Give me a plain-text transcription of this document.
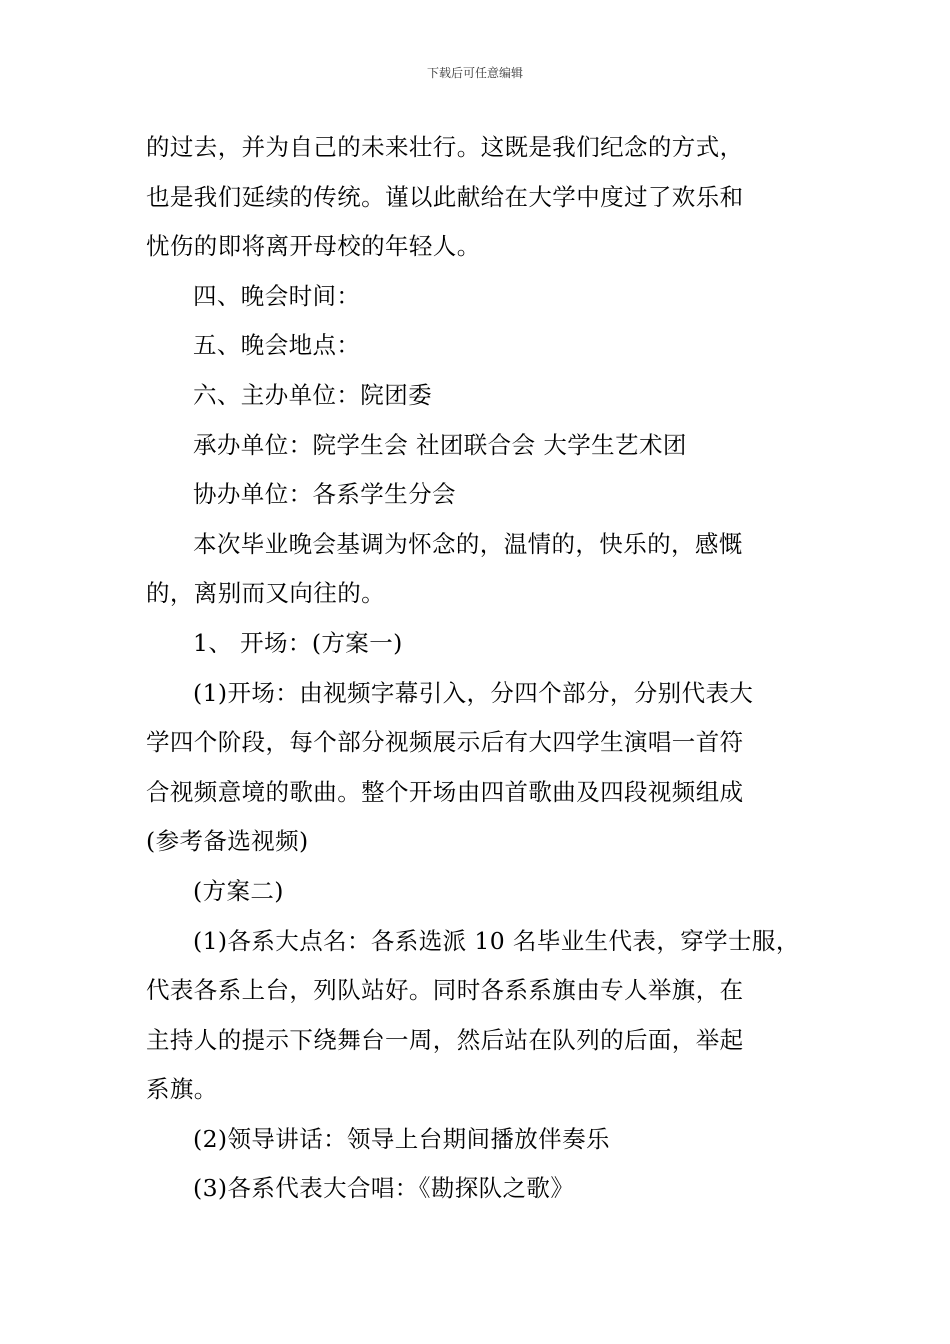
下载后可任意编辑

的过去，并为自己的未来壮行。这既是我们纪念的方式，
也是我们延续的传统。谨以此献给在大学中度过了欢乐和
忧伤的即将离开母校的年轻人。

四、晚会时间：

五、晚会地点：

六、主办单位：院团委

承办单位：院学生会 社团联合会 大学生艺术团

协办单位：各系学生分会

本次毕业晚会基调为怀念的，温情的，快乐的，感慨
的，离别而又向往的。

1、 开场：(方案一)

(1)开场：由视频字幕引入，分四个部分，分别代表大
学四个阶段，每个部分视频展示后有大四学生演唱一首符
合视频意境的歌曲。整个开场由四首歌曲及四段视频组成
(参考备选视频)

(方案二)

(1)各系大点名：各系选派 10 名毕业生代表，穿学士服，
代表各系上台，列队站好。同时各系系旗由专人举旗，在
主持人的提示下绕舞台一周，然后站在队列的后面，举起
系旗。

(2)领导讲话：领导上台期间播放伴奏乐

(3)各系代表大合唱：《勘探队之歌》
